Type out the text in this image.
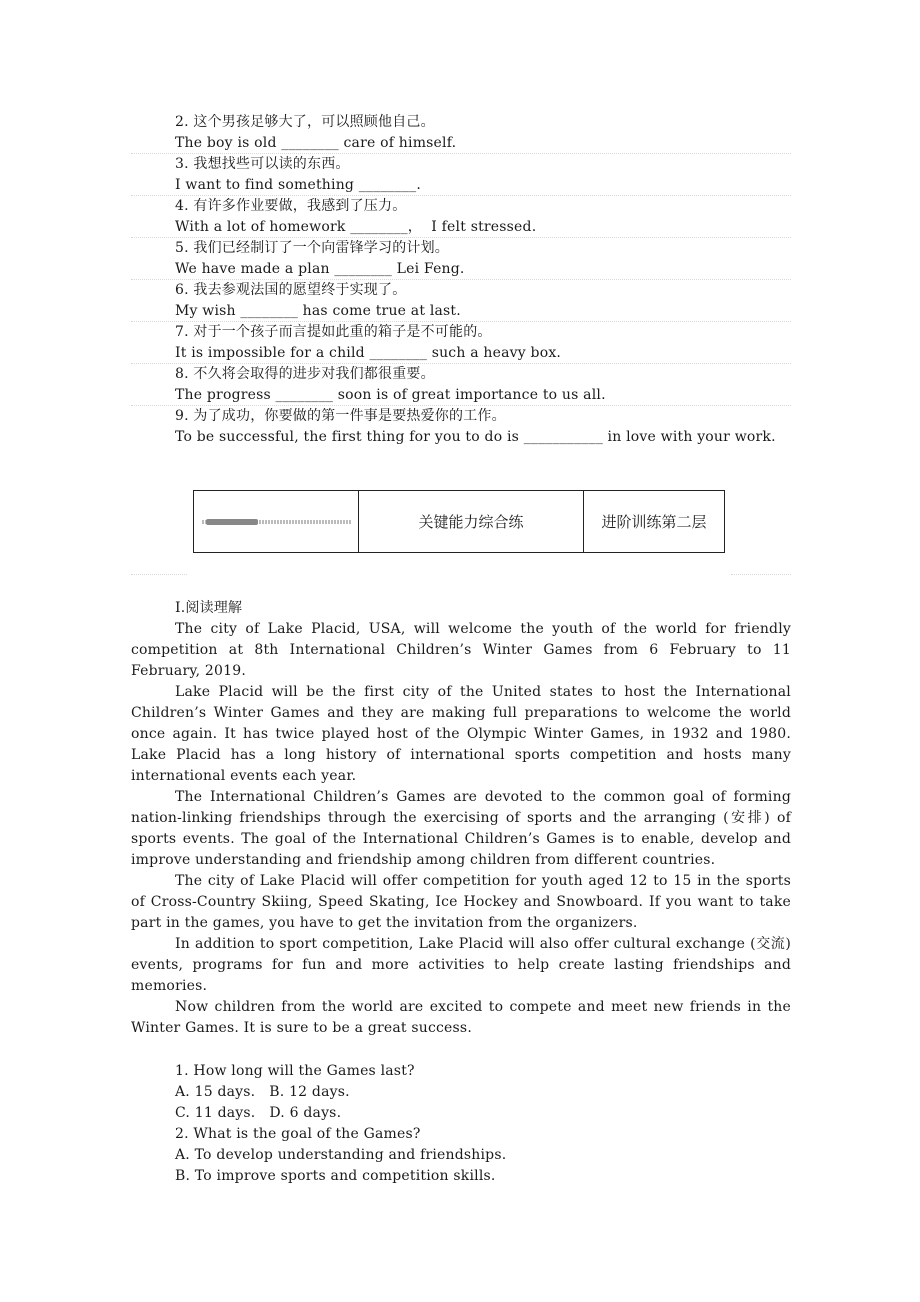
2. 这个男孩足够大了，可以照顾他自己。
The boy is old ________ care of himself.
3. 我想找些可以读的东西。
I want to find something ________.
4. 有许多作业要做，我感到了压力。
With a lot of homework ________，  I felt stressed.
5. 我们已经制订了一个向雷锋学习的计划。
We have made a plan ________ Lei Feng.
6. 我去参观法国的愿望终于实现了。
My wish ________ has come true at last.
7. 对于一个孩子而言提如此重的箱子是不可能的。
It is impossible for a child ________ such a heavy box.
8. 不久将会取得的进步对我们都很重要。
The progress ________ soon is of great importance to us all.
9. 为了成功，你要做的第一件事是要热爱你的工作。

To be successful, the first thing for you to do is ___________ in love with your work.

关键能力综合练	进阶训练第二层
Ⅰ.阅读理解

The city of Lake Placid, USA, will welcome the youth of the world for friendly competition at 8th International Children’s Winter Games from 6 February to 11 February, 2019.

Lake Placid will be the first city of the United states to host the International Children’s Winter Games and they are making full preparations to welcome the world once again. It has twice played host of the Olympic Winter Games, in 1932 and 1980. Lake Placid has a long history of international sports competition and hosts many international events each year.

The International Children’s Games are devoted to the common goal of forming nation-linking friendships through the exercising of sports and the arranging (安排) of sports events. The goal of the International Children’s Games is to enable, develop and improve understanding and friendship among children from different countries.

The city of Lake Placid will offer competition for youth aged 12 to 15 in the sports of Cross-Country Skiing, Speed Skating, Ice Hockey and Snowboard. If you want to take part in the games, you have to get the invitation from the organizers.

In addition to sport competition, Lake Placid will also offer cultural exchange (交流) events, programs for fun and more activities to help create lasting friendships and memories.

Now children from the world are excited to compete and meet new friends in the Winter Games. It is sure to be a great success.

1. How long will the Games last?
A. 15 days.   B. 12 days.
C. 11 days.   D. 6 days.
2. What is the goal of the Games?
A. To develop understanding and friendships.
B. To improve sports and competition skills.
